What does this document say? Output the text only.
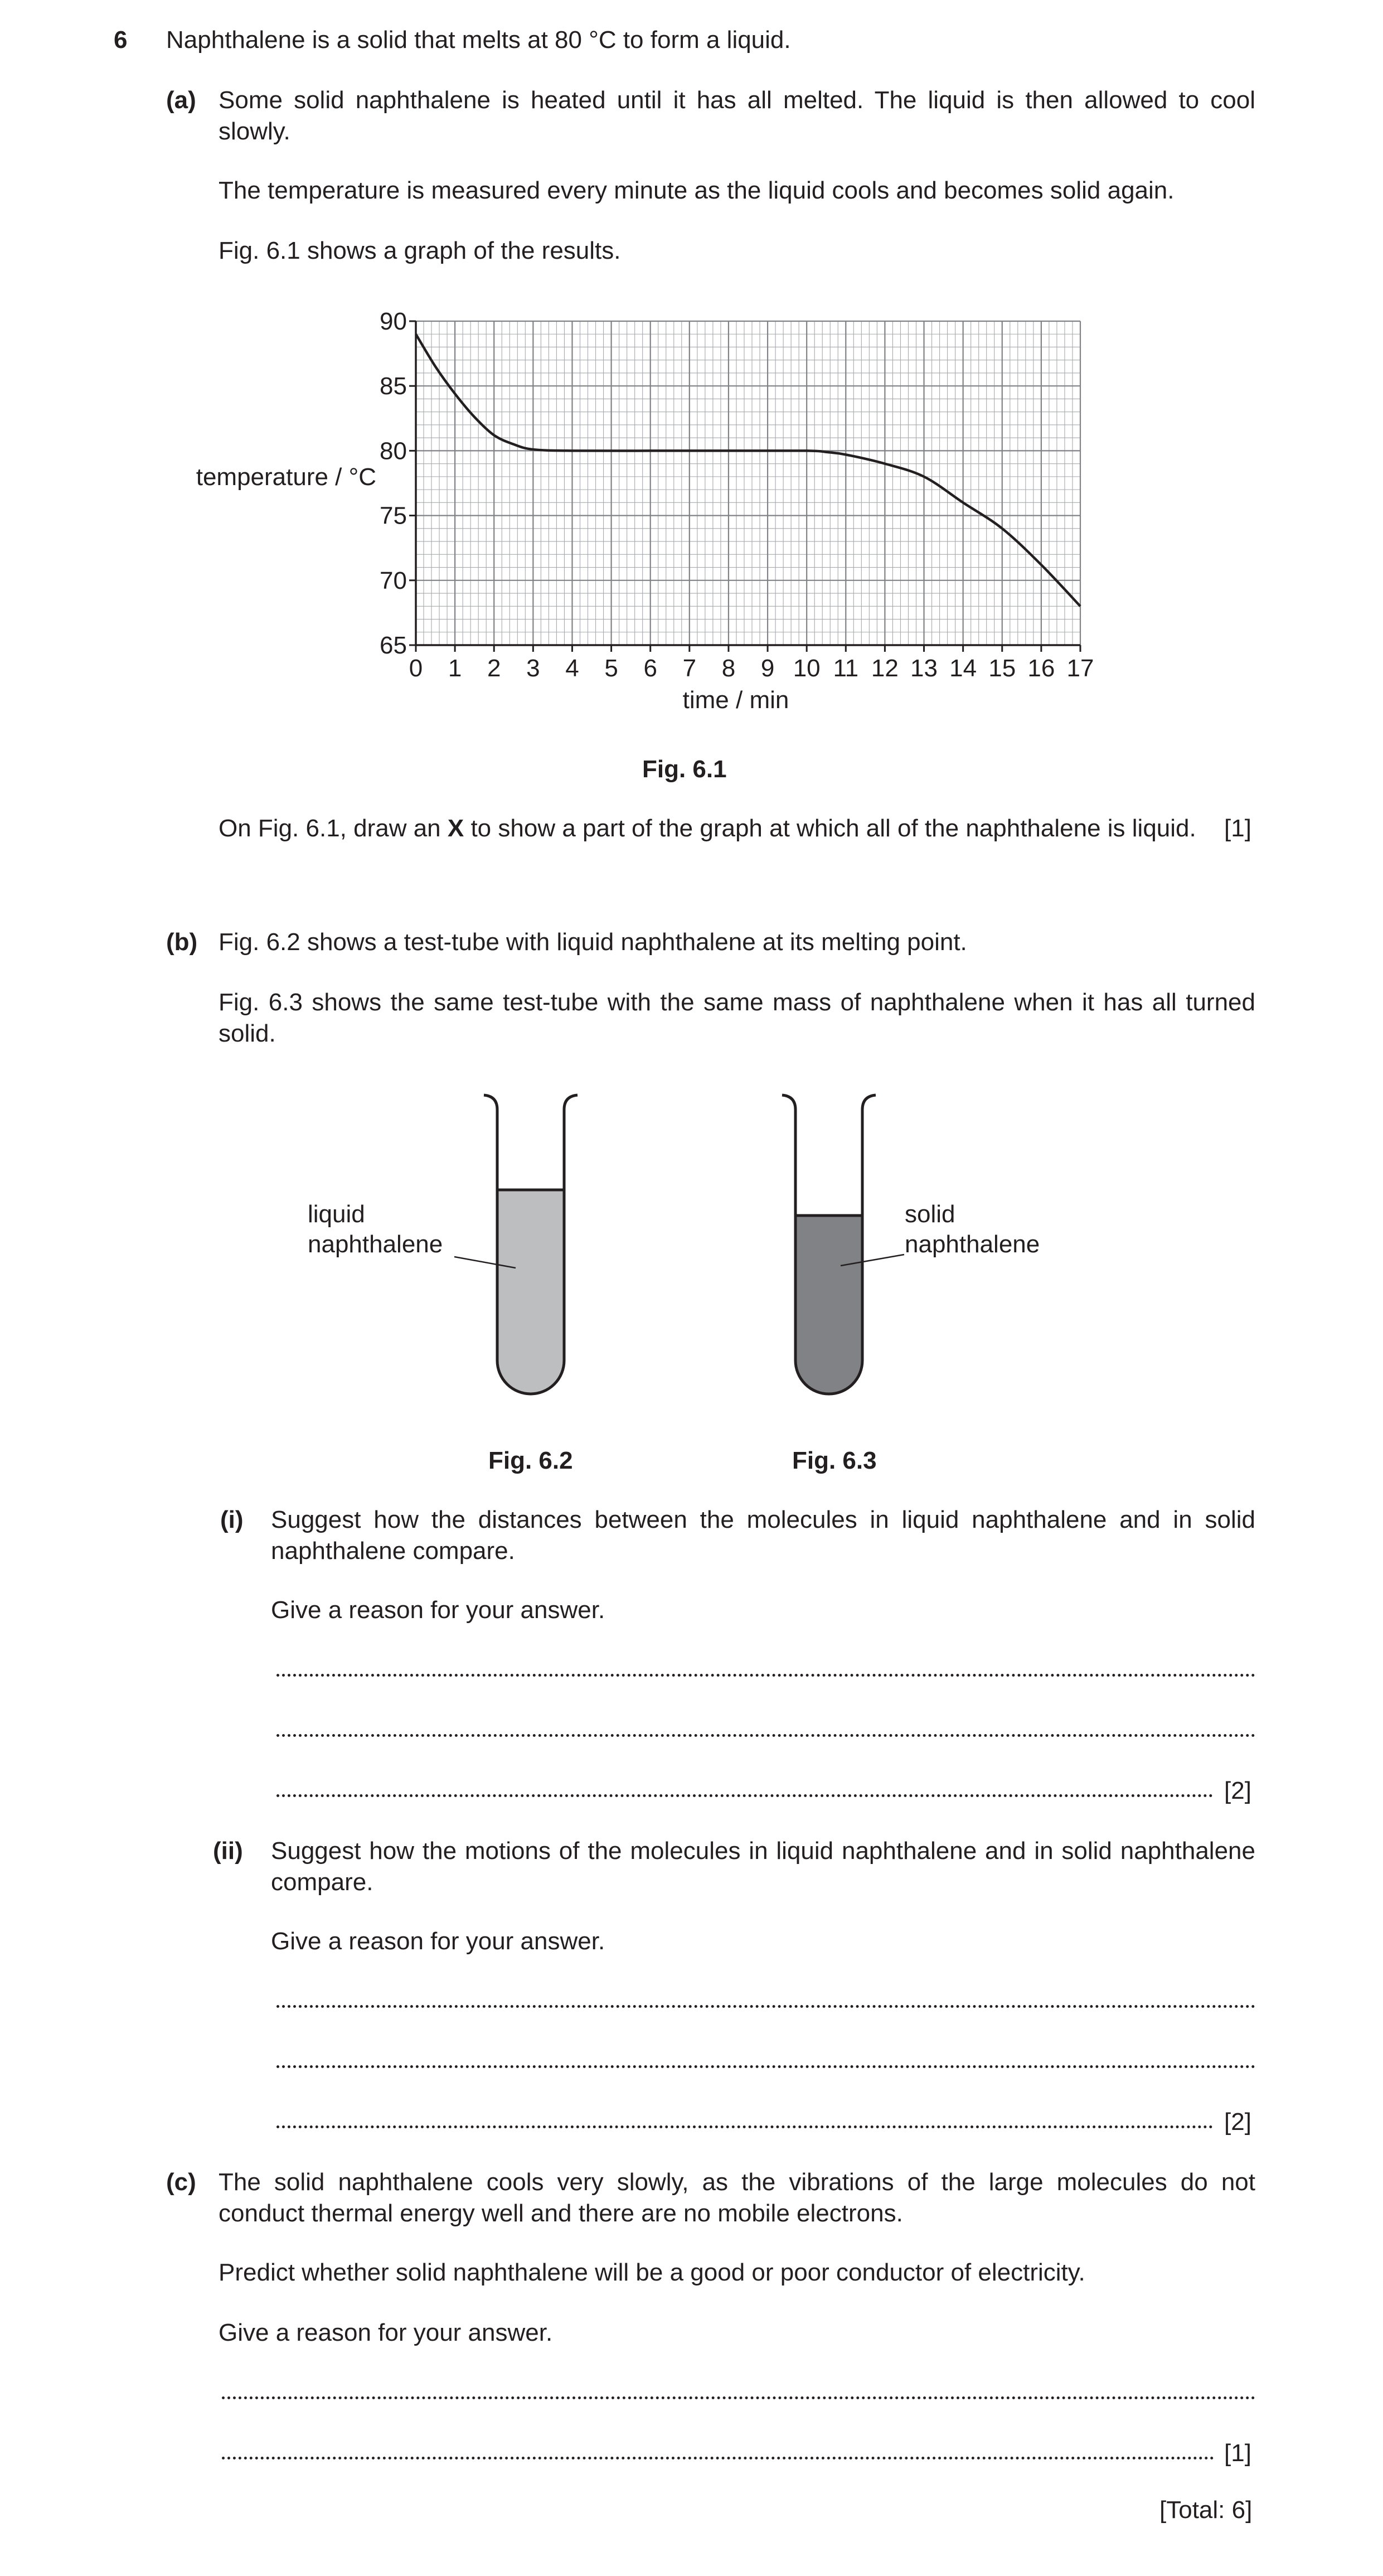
6 Naphthalene is a solid that melts at 80 °C to form a liquid.
(a) Some solid naphthalene is heated until it has all melted. The liquid is then allowed to cool slowly.
The temperature is measured every minute as the liquid cools and becomes solid again.
Fig. 6.1 shows a graph of the results.
0 1 2 3 4 5 6 7 8 9 10 11 12 13 14 15 16 17
65
70
75
80
85
90
temperature / °C
time / min
Fig. 6.1
On Fig. 6.1, draw an X to show a part of the graph at which all of the naphthalene is liquid. [1]
(b) Fig. 6.2 shows a test-tube with liquid naphthalene at its melting point.
Fig. 6.3 shows the same test-tube with the same mass of naphthalene when it has all turned solid.
liquid
naphthalene
solid
naphthalene
Fig. 6.2	Fig. 6.3
(i) Suggest how the distances between the molecules in liquid naphthalene and in solid naphthalene compare.
Give a reason for your answer.
[2]
(ii) Suggest how the motions of the molecules in liquid naphthalene and in solid naphthalene compare.
Give a reason for your answer.
[2]
(c) The solid naphthalene cools very slowly, as the vibrations of the large molecules do not conduct thermal energy well and there are no mobile electrons.
Predict whether solid naphthalene will be a good or poor conductor of electricity.
Give a reason for your answer.
[1]
[Total: 6]
